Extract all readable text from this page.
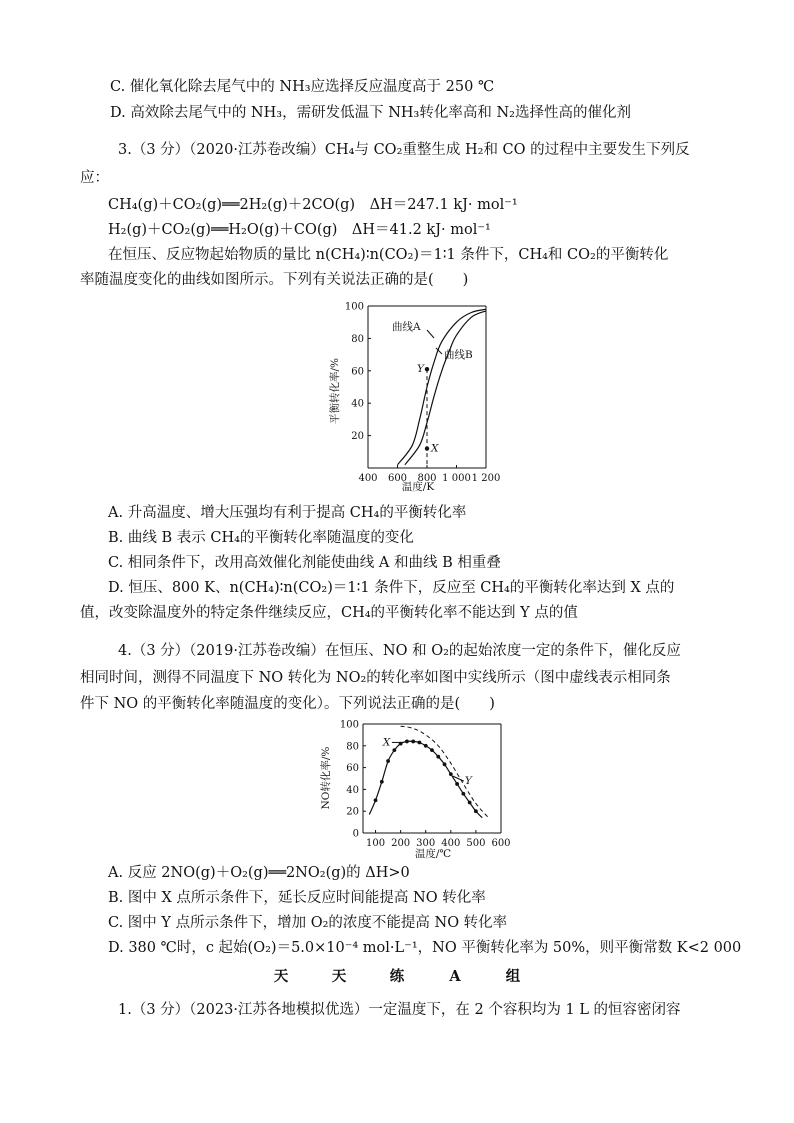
C. 催化氧化除去尾气中的 NH₃应选择反应温度高于 250 ℃
D. 高效除去尾气中的 NH₃，需研发低温下 NH₃转化率高和 N₂选择性高的催化剂
3.（3 分）（2020·江苏卷改编）CH₄与 CO₂重整生成 H₂和 CO 的过程中主要发生下列反
应：
CH₄(g)＋CO₂(g)══2H₂(g)＋2CO(g)　ΔH＝247.1 kJ· mol⁻¹
H₂(g)＋CO₂(g)══H₂O(g)＋CO(g)　ΔH＝41.2 kJ· mol⁻¹
在恒压、反应物起始物质的量比 n(CH₄)∶n(CO₂)＝1∶1 条件下，CH₄和 CO₂的平衡转化
率随温度变化的曲线如图所示。下列有关说法正确的是(　　)
20
40
60
80
100
400 600 800 1 000 1 200
Y
X
曲线A
曲线B
平衡转化率/%
温度/K
A. 升高温度、增大压强均有利于提高 CH₄的平衡转化率
B. 曲线 B 表示 CH₄的平衡转化率随温度的变化
C. 相同条件下，改用高效催化剂能使曲线 A 和曲线 B 相重叠
D. 恒压、800 K、n(CH₄)∶n(CO₂)＝1∶1 条件下，反应至 CH₄的平衡转化率达到 X 点的
值，改变除温度外的特定条件继续反应，CH₄的平衡转化率不能达到 Y 点的值
4.（3 分）（2019·江苏卷改编）在恒压、NO 和 O₂的起始浓度一定的条件下，催化反应
相同时间，测得不同温度下 NO 转化为 NO₂的转化率如图中实线所示（图中虚线表示相同条
件下 NO 的平衡转化率随温度的变化）。下列说法正确的是(　　)
0
20
40
60
80
100
100 200 300 400 500 600
X
Y
NO转化率/%
温度/℃
A. 反应 2NO(g)＋O₂(g)══2NO₂(g)的 ΔH>0
B. 图中 X 点所示条件下，延长反应时间能提高 NO 转化率
C. 图中 Y 点所示条件下，增加 O₂的浓度不能提高 NO 转化率
D. 380 ℃时，c 起始(O₂)＝5.0×10⁻⁴ mol·L⁻¹，NO 平衡转化率为 50%，则平衡常数 K<2 000
天	天	练	A	组
1.（3 分）（2023·江苏各地模拟优选）一定温度下，在 2 个容积均为 1 L 的恒容密闭容
